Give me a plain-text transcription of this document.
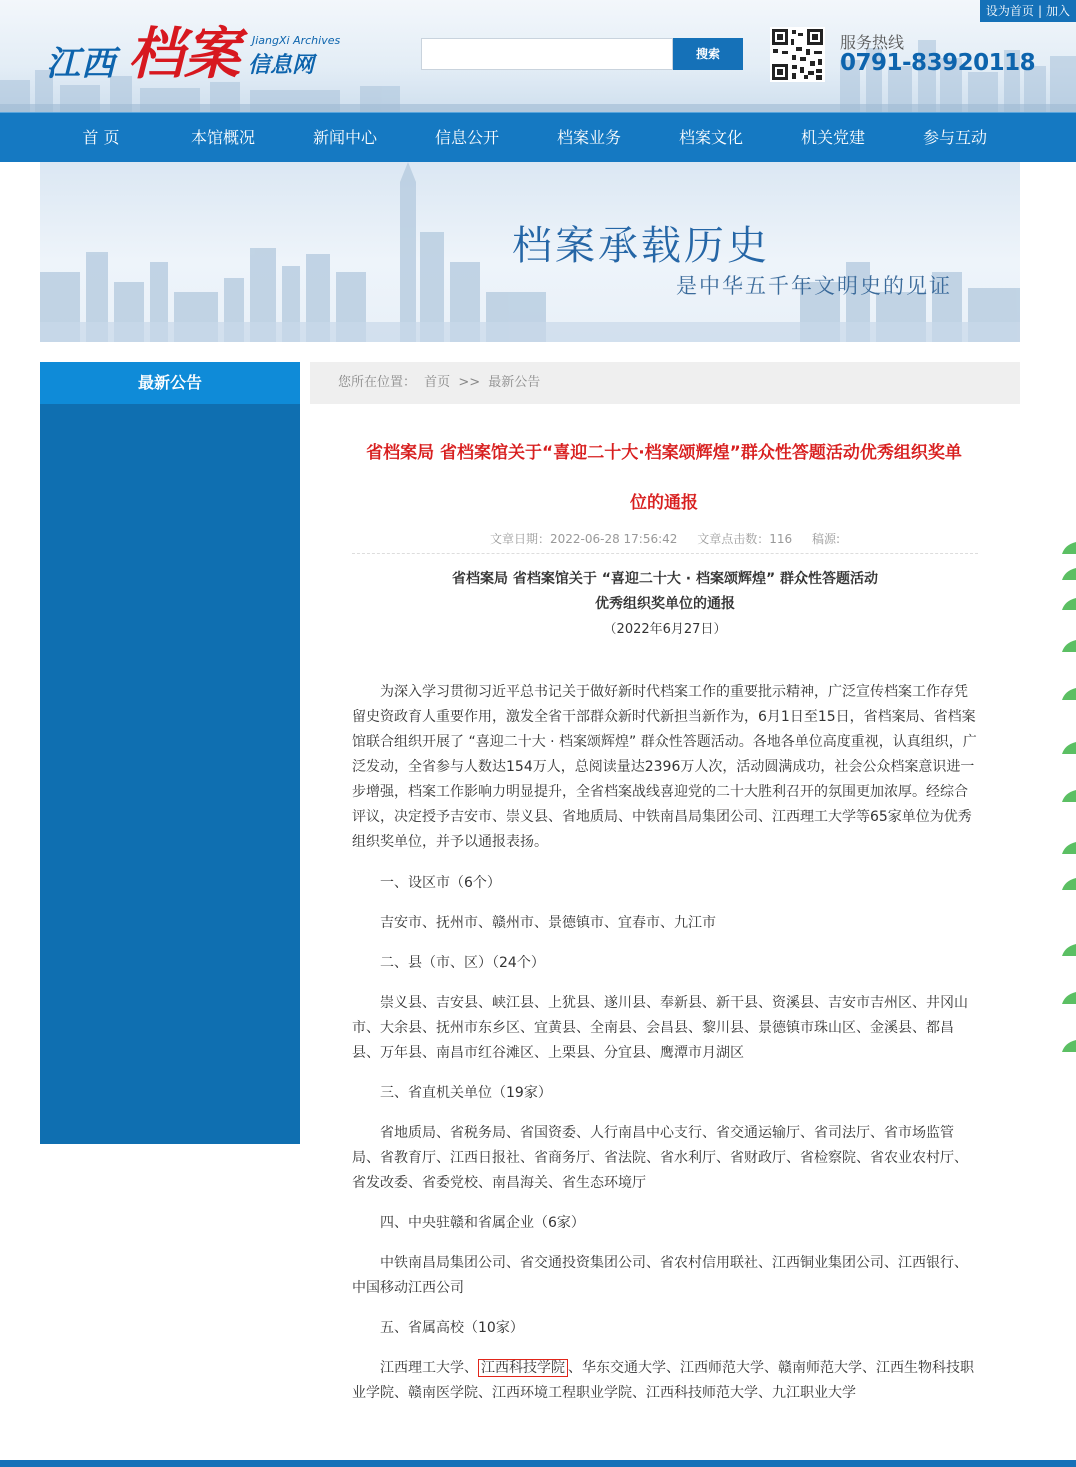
设为首页 | 加入
江西 档案 JiangXi Archives
信息网	搜索
服务热线
0791-83920118
首 页	本馆概况	新闻中心	信息公开	档案业务	档案文化	机关党建	参与互动
档案承载历史
是中华五千年文明史的见证
最新公告	您所在位置： 首页 >> 最新公告
省档案局 省档案馆关于“喜迎二十大·档案颂辉煌”群众性答题活动优秀组织奖单
位的通报
文章日期：2022-06-28 17:56:42 文章点击数：116 稿源:
省档案局 省档案馆关于 “喜迎二十大 · 档案颂辉煌” 群众性答题活动
优秀组织奖单位的通报
（2022年6月27日）
为深入学习贯彻习近平总书记关于做好新时代档案工作的重要批示精神，广泛宣传档案工作存凭留史资政育人重要作用，激发全省干部群众新时代新担当新作为，6月1日至15日，省档案局、省档案馆联合组织开展了 “喜迎二十大 · 档案颂辉煌” 群众性答题活动。各地各单位高度重视，认真组织，广泛发动，全省参与人数达154万人，总阅读量达2396万人次，活动圆满成功，社会公众档案意识进一步增强，档案工作影响力明显提升，全省档案战线喜迎党的二十大胜利召开的氛围更加浓厚。经综合评议，决定授予吉安市、崇义县、省地质局、中铁南昌局集团公司、江西理工大学等65家单位为优秀组织奖单位，并予以通报表扬。
一、设区市（6个）
吉安市、抚州市、赣州市、景德镇市、宜春市、九江市
二、县（市、区）（24个）
崇义县、吉安县、峡江县、上犹县、遂川县、奉新县、新干县、资溪县、吉安市吉州区、井冈山市、大余县、抚州市东乡区、宜黄县、全南县、会昌县、黎川县、景德镇市珠山区、金溪县、都昌县、万年县、南昌市红谷滩区、上栗县、分宜县、鹰潭市月湖区
三、省直机关单位（19家）
省地质局、省税务局、省国资委、人行南昌中心支行、省交通运输厅、省司法厅、省市场监管局、省教育厅、江西日报社、省商务厅、省法院、省水利厅、省财政厅、省检察院、省农业农村厅、省发改委、省委党校、南昌海关、省生态环境厅
四、中央驻赣和省属企业（6家）
中铁南昌局集团公司、省交通投资集团公司、省农村信用联社、江西铜业集团公司、江西银行、中国移动江西公司
五、省属高校（10家）
江西理工大学、 江西科技学院 、华东交通大学、江西师范大学、赣南师范大学、江西生物科技职业学院、赣南医学院、江西环境工程职业学院、江西科技师范大学、九江职业大学
